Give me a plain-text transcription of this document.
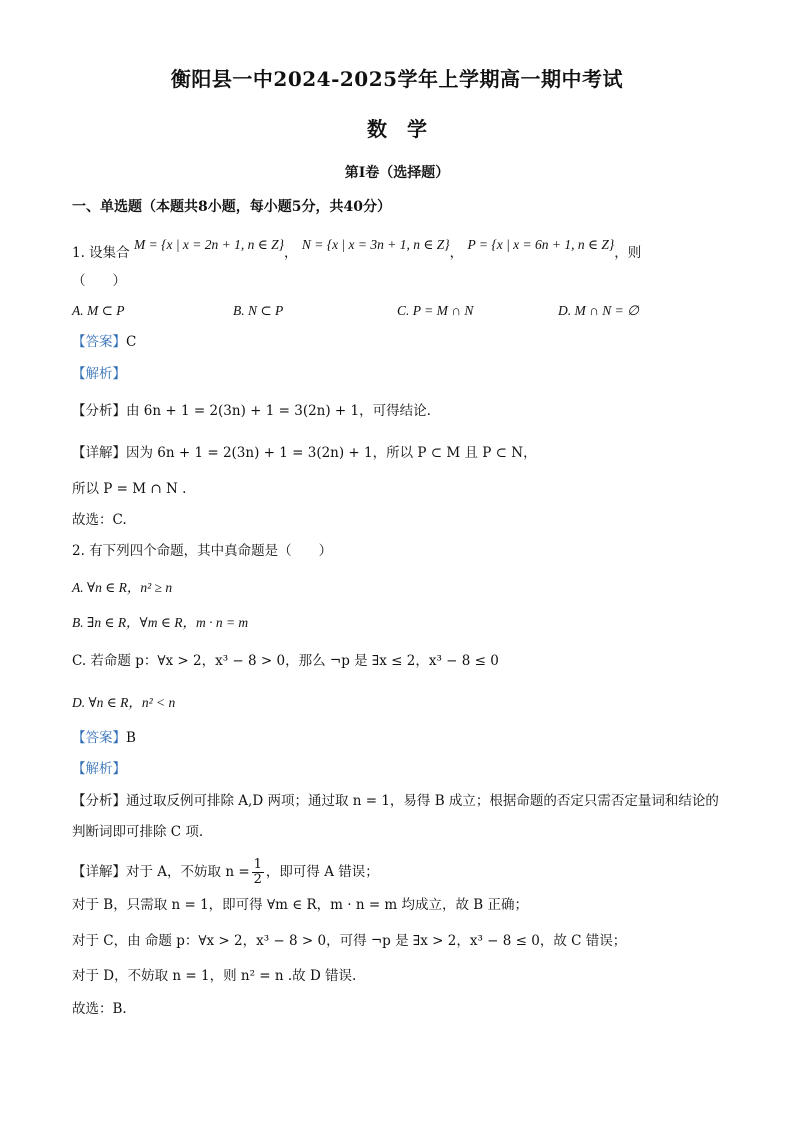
衡阳县一中2024-2025学年上学期高一期中考试
数　学
第I卷（选择题）
一、单选题（本题共8小题，每小题5分，共40分）
1. 设集合 M = {x | x = 2n + 1, n ∈ Z}， N = {x | x = 3n + 1, n ∈ Z}， P = {x | x = 6n + 1, n ∈ Z}，则
（　　）
A. M ⊂ P	B. N ⊂ P	C. P = M ∩ N	D. M ∩ N = ∅
【答案】C
【解析】
【分析】由 6n + 1 = 2(3n) + 1 = 3(2n) + 1，可得结论.
【详解】因为 6n + 1 = 2(3n) + 1 = 3(2n) + 1，所以 P ⊂ M 且 P ⊂ N，
所以 P = M ∩ N .
故选：C.
2. 有下列四个命题，其中真命题是（　　）
A. ∀n ∈ R，n² ≥ n
B. ∃n ∈ R，∀m ∈ R，m · n = m
C. 若命题 p：∀x > 2，x³ − 8 > 0，那么 ¬p 是 ∃x ≤ 2，x³ − 8 ≤ 0
D. ∀n ∈ R，n² < n
【答案】B
【解析】
【分析】通过取反例可排除 A,D 两项；通过取 n = 1，易得 B 成立；根据命题的否定只需否定量词和结论的
判断词即可排除 C 项.
【详解】对于 A，不妨取 $n = \frac{1}{2}$ ，即可得 A 错误；
对于 B，只需取 n = 1，即可得 ∀m ∈ R，m · n = m 均成立，故 B 正确；
对于 C，由 命题 p：∀x > 2，x³ − 8 > 0，可得 ¬p 是 ∃x > 2，x³ − 8 ≤ 0，故 C 错误；
对于 D，不妨取 n = 1，则 n² = n .故 D 错误.
故选：B.
